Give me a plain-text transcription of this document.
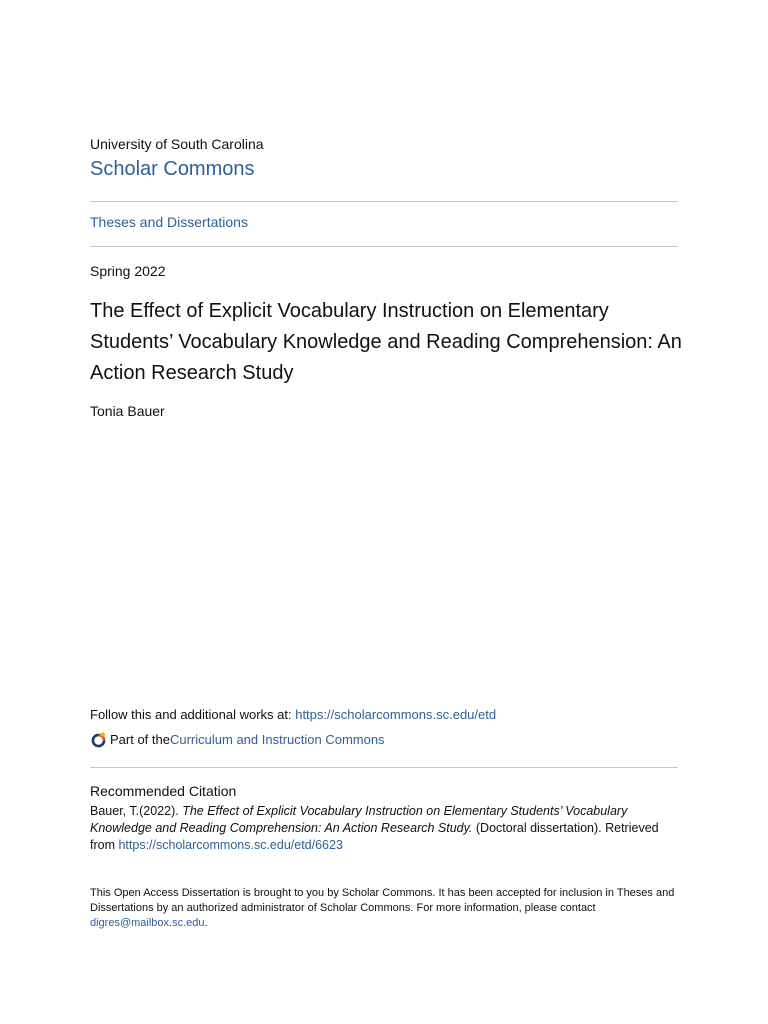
University of South Carolina
Scholar Commons
Theses and Dissertations
Spring 2022
The Effect of Explicit Vocabulary Instruction on Elementary Students’ Vocabulary Knowledge and Reading Comprehension: An Action Research Study
Tonia Bauer
Follow this and additional works at: https://scholarcommons.sc.edu/etd
Part of the Curriculum and Instruction Commons
Recommended Citation
Bauer, T.(2022). The Effect of Explicit Vocabulary Instruction on Elementary Students’ Vocabulary Knowledge and Reading Comprehension: An Action Research Study. (Doctoral dissertation). Retrieved from https://scholarcommons.sc.edu/etd/6623
This Open Access Dissertation is brought to you by Scholar Commons. It has been accepted for inclusion in Theses and Dissertations by an authorized administrator of Scholar Commons. For more information, please contact digres@mailbox.sc.edu.
